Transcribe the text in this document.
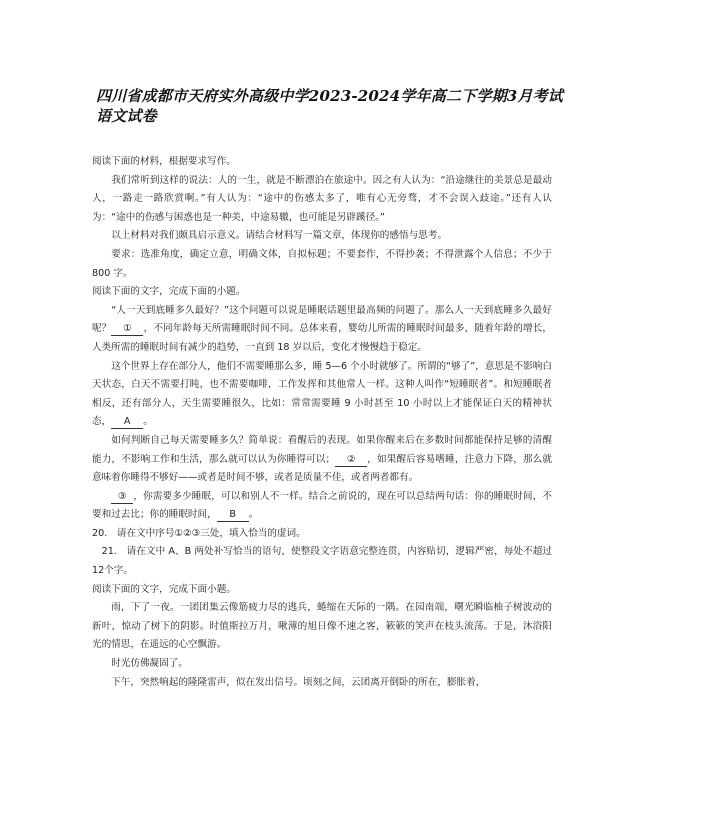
四川省成都市天府实外高级中学2023-2024学年高二下学期3月考试语文试卷

阅读下面的材料，根据要求写作。

我们常听到这样的说法：人的一生，就是不断漂泊在旅途中。因之有人认为：“沿途继往的美景总是最动人，一路走一路欣赏啊。”有人认为：“途中的伤感太多了，唯有心无旁骛，才不会误入歧途。”还有人认为：“途中的伤感与困惑也是一种美，中途易辙，也可能是另辟蹊径。”

以上材料对我们颇具启示意义。请结合材料写一篇文章，体现你的感悟与思考。

要求：选准角度，确定立意，明确文体，自拟标题；不要套作，不得抄袭；不得泄露个人信息；不少于 800 字。

阅读下面的文字，完成下面的小题。

“人一天到底睡多久最好？”这个问题可以说是睡眠话题里最高频的问题了。那么人一天到底睡多久最好呢？ ① ，不同年龄每天所需睡眠时间不同。总体来看，婴幼儿所需的睡眠时间最多，随着年龄的增长，人类所需的睡眠时间有减少的趋势，一直到 18 岁以后，变化才慢慢趋于稳定。

这个世界上存在部分人，他们不需要睡那么多，睡 5—6 个小时就够了。所谓的“够了”，意思是不影响白天状态，白天不需要打盹，也不需要咖啡，工作发挥和其他常人一样。这种人叫作“短睡眠者”。和短睡眠者相反，还有部分人，天生需要睡很久，比如：常常需要睡 9 小时甚至 10 小时以上才能保证白天的精神状态， A 。

如何判断自己每天需要睡多久？简单说：看醒后的表现。如果你醒来后在多数时间都能保持足够的清醒能力，不影响工作和生活，那么就可以认为你睡得可以； ② ，如果醒后容易嗜睡，注意力下降，那么就意味着你睡得不够好——或者是时间不够，或者是质量不佳，或者两者都有。

③ ，你需要多少睡眠，可以和别人不一样。结合之前说的，现在可以总结两句话：你的睡眠时间，不要和过去比；你的睡眠时间， B 。

20.　请在文中序号①②③三处，填入恰当的虚词。

21.　请在文中 A、B 两处补写恰当的语句，使整段文字语意完整连贯，内容贴切，逻辑严密，每处不超过 12个字。

阅读下面的文字，完成下面小题。

雨，下了一夜。一团团集云像筋疲力尽的逃兵，蜷缩在天际的一隅。在园南端，曙光瞬临柚子树波动的新叶，惊动了树下的阴影。时值斯拉万月，啾薄的旭日像不速之客，簌簌的笑声在枝头流荡。于是，沐浴阳光的情思，在遥远的心空飘游。

时光仿佛凝固了。

下午，突然响起的隆隆雷声，似在发出信号。顷刻之间，云团离开倒卧的所在，膨胀着，
